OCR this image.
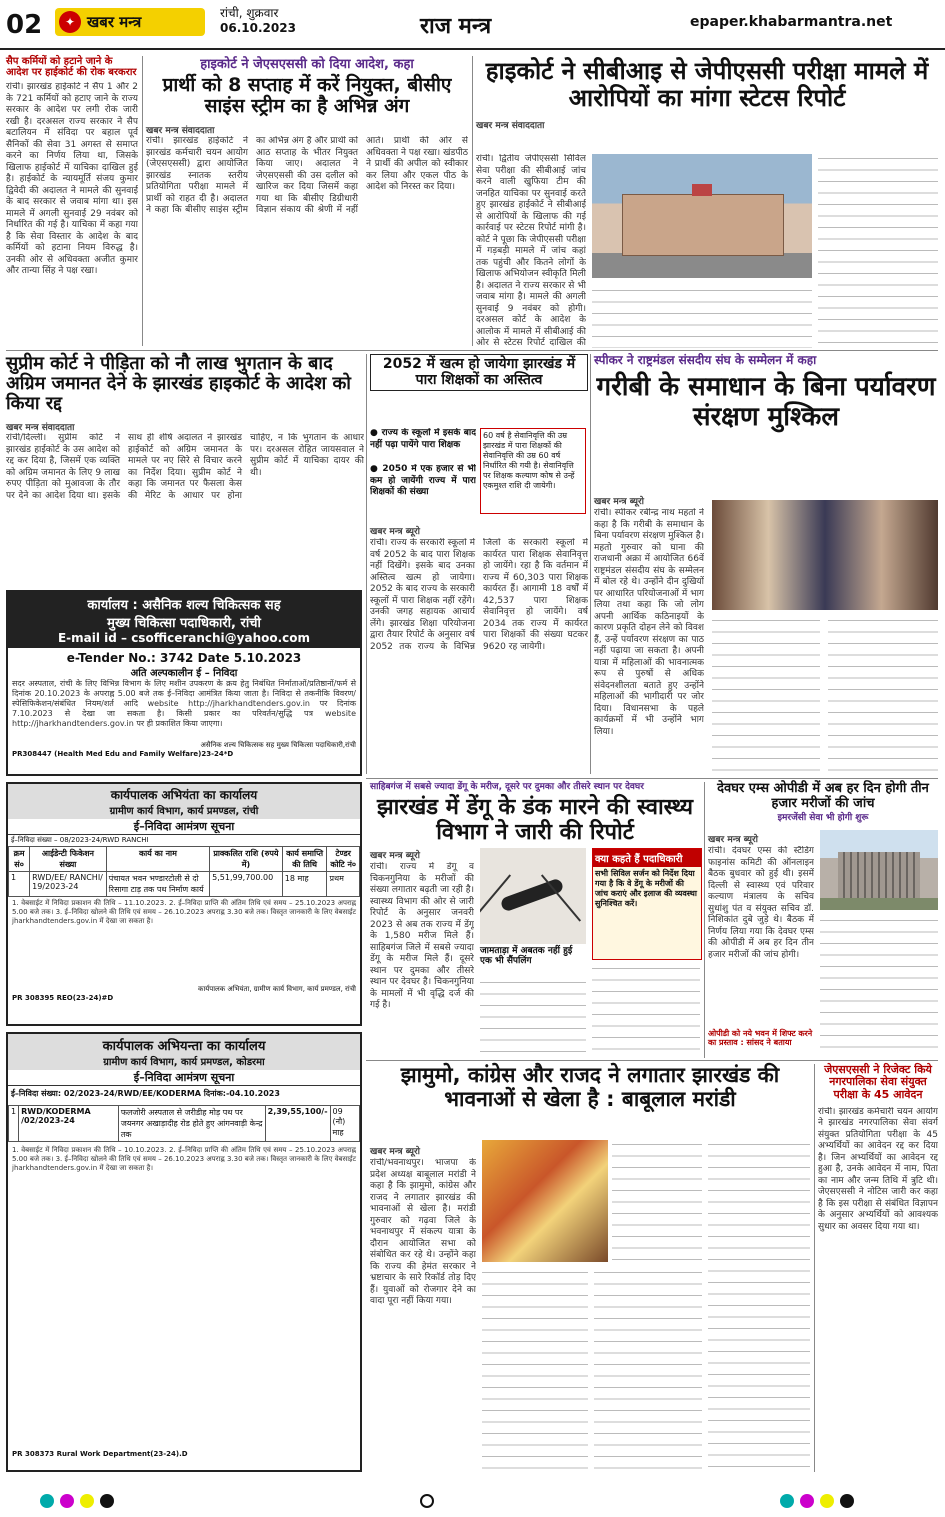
02	✦ खबर मन्त्र	रांची, शुक्रवार
06.10.2023	राज मन्त्र	epaper.khabarmantra.net
सैप कर्मियों को हटाने जाने के आदेश पर हाईकोर्ट की रोक बरकरार
रांची। झारखंड हाईकोर्ट ने सैप 1 और 2 के 721 कर्मियों को हटाए जाने के राज्य सरकार के आदेश पर लगी रोक जारी रखी है। दरअसल राज्य सरकार ने सैप बटालियन में संविदा पर बहाल पूर्व सैनिकों की सेवा 31 अगस्त से समाप्त करने का निर्णय लिया था, जिसके खिलाफ हाईकोर्ट में याचिका दाखिल हुई है। हाईकोर्ट के न्यायमूर्ति संजय कुमार द्विवेदी की अदालत ने मामले की सुनवाई के बाद सरकार से जवाब मांगा था। इस मामले में अगली सुनवाई 29 नवंबर को निर्धारित की गई है। याचिका में कहा गया है कि सेवा विस्तार के आदेश के बाद कर्मियों को हटाना नियम विरुद्ध है। उनकी ओर से अधिवक्ता अजीत कुमार और तान्या सिंह ने पक्ष रखा।
हाइकोर्ट ने जेएसएससी को दिया आदेश, कहा
प्रार्थी को 8 सप्ताह में करें नियुक्त, बीसीए साइंस स्ट्रीम का है अभिन्न अंग
खबर मन्त्र संवाददाता
रांची। झारखंड हाईकोर्ट ने झारखंड कर्मचारी चयन आयोग (जेएसएससी) द्वारा आयोजित झारखंड स्नातक स्तरीय प्रतियोगिता परीक्षा मामले में प्रार्थी को राहत दी है। अदालत ने कहा कि बीसीए साइंस स्ट्रीम का अभिन्न अंग है और प्रार्थी को आठ सप्ताह के भीतर नियुक्त किया जाए। अदालत ने जेएसएससी की उस दलील को खारिज कर दिया जिसमें कहा गया था कि बीसीए डिग्रीधारी विज्ञान संकाय की श्रेणी में नहीं आते। प्रार्थी की ओर से अधिवक्ता ने पक्ष रखा। खंडपीठ ने प्रार्थी की अपील को स्वीकार कर लिया और एकल पीठ के आदेश को निरस्त कर दिया।
हाइकोर्ट ने सीबीआइ से जेपीएससी परीक्षा मामले में आरोपियों का मांगा स्टेटस रिपोर्ट
खबर मन्त्र संवाददाता
रांची। द्वितीय जेपीएससी सिविल सेवा परीक्षा की सीबीआई जांच करने वाली खुफिया टीम की जनहित याचिका पर सुनवाई करते हुए झारखंड हाईकोर्ट ने सीबीआई से आरोपियों के खिलाफ की गई कार्रवाई पर स्टेटस रिपोर्ट मांगी है। कोर्ट ने पूछा कि जेपीएससी परीक्षा में गड़बड़ी मामले में जांच कहां तक पहुंची और कितने लोगों के खिलाफ अभियोजन स्वीकृति मिली है। अदालत ने राज्य सरकार से भी जवाब मांगा है। मामले की अगली सुनवाई 9 नवंबर को होगी। दरअसल कोर्ट के आदेश के आलोक में मामले में सीबीआई की ओर से स्टेटस रिपोर्ट दाखिल की
सुप्रीम कोर्ट ने पीड़िता को नौ लाख भुगतान के बाद अग्रिम जमानत देने के झारखंड हाइकोर्ट के आदेश को किया रद्द
खबर मन्त्र संवाददाता
रांची/दिल्ली। सुप्रीम कोर्ट ने झारखंड हाईकोर्ट के उस आदेश को रद्द कर दिया है, जिसमें एक व्यक्ति को अग्रिम जमानत के लिए 9 लाख रुपए पीड़िता को मुआवजा के तौर पर देने का आदेश दिया था। इसके साथ ही शीर्ष अदालत ने झारखंड हाईकोर्ट को अग्रिम जमानत के मामले पर नए सिरे से विचार करने का निर्देश दिया। सुप्रीम कोर्ट ने कहा कि जमानत पर फैसला केस की मेरिट के आधार पर होना चाहिए, न कि भुगतान के आधार पर। दरअसल रोहित जायसवाल ने सुप्रीम कोर्ट में याचिका दायर की थी।
2052 में खत्म हो जायेगा झारखंड में पारा शिक्षकों का अस्तित्व
● राज्य के स्कूलों में इसके बाद नहीं पढ़ा पायेंगे पारा शिक्षक
● 2050 में एक हजार से भी कम हो जायेंगी राज्य में पारा शिक्षकों की संख्या
60 वर्ष है सेवानिवृत्ति की उम्र झारखंड में पारा शिक्षकों की सेवानिवृत्ति की उम्र 60 वर्ष निर्धारित की गयी है। सेवानिवृत्ति पर शिक्षक कल्याण कोष से उन्हें एकमुश्त राशि दी जायेगी।
खबर मन्त्र ब्यूरो
रांची। राज्य के सरकारी स्कूलों में वर्ष 2052 के बाद पारा शिक्षक नहीं दिखेंगे। इसके बाद उनका अस्तित्व खत्म हो जायेगा। 2052 के बाद राज्य के सरकारी स्कूलों में पारा शिक्षक नहीं रहेंगे। उनकी जगह सहायक आचार्य लेंगे। झारखंड शिक्षा परियोजना द्वारा तैयार रिपोर्ट के अनुसार वर्ष 2052 तक राज्य के विभिन्न जिलों के सरकारी स्कूलों में कार्यरत पारा शिक्षक सेवानिवृत्त हो जायेंगे। रहा है कि वर्तमान में राज्य में 60,303 पारा शिक्षक कार्यरत हैं। आगामी 18 वर्षों में 42,537 पारा शिक्षक सेवानिवृत्त हो जायेंगे। वर्ष 2034 तक राज्य में कार्यरत पारा शिक्षकों की संख्या घटकर 9620 रह जायेगी।
स्पीकर ने राष्ट्रमंडल संसदीय संघ के सम्मेलन में कहा
गरीबी के समाधान के बिना पर्यावरण संरक्षण मुश्किल
खबर मन्त्र ब्यूरो
रांची। स्पीकर रबीन्द्र नाथ महतो ने कहा है कि गरीबी के समाधान के बिना पर्यावरण संरक्षण मुश्किल है। महतो गुरुवार को घाना की राजधानी अक्रा में आयोजित 66वें राष्ट्रमंडल संसदीय संघ के सम्मेलन में बोल रहे थे। उन्होंने दीन दुखियों पर आधारित परियोजनाओं में भाग लिया तथा कहा कि जो लोग अपनी आर्थिक कठिनाइयों के कारण प्रकृति दोहन लेने को विवश हैं, उन्हें पर्यावरण संरक्षण का पाठ नहीं पढ़ाया जा सकता है। अपनी यात्रा में महिलाओं की भावनात्मक रूप से पुरुषों से अधिक संवेदनशीलता बताते हुए उन्होंने महिलाओं की भागीदारी पर जोर दिया। विधानसभा के पहले कार्यक्रमों में भी उन्होंने भाग लिया।
कार्यालय : असैनिक शल्य चिकित्सक सह
मुख्य चिकित्सा पदाधिकारी, रांची
E-mail id – csofficeranchi@yahoo.com
e-Tender No.: 3742 Date 5.10.2023
अति अल्पकालीन ई – निविदा
सदर अस्पताल, रांची के लिए विभिन्न विभाग के लिए मशीन उपकरण के क्रय हेतु निबंधित निर्माताओं/प्रतिष्ठानों/फर्म से दिनांक 20.10.2023 के अपराह्न 5.00 बजे तक ई–निविदा आमंत्रित किया जाता है। निविदा से तकनीकि विवरण/स्पेसिफिकेशन/संबंधित नियम/शर्त आदि website http://jharkhandtenders.gov.in पर दिनांक 7.10.2023 से देखा जा सकता है। किसी प्रकार का परिवर्तन/सुद्धि पत्र website http://jharkhandtenders.gov.in पर ही प्रकाशित किया जाएगा।
असैनिक शल्य चिकित्सक सह मुख्य चिकित्सा पदाधिकारी,रांची
PR308447 (Health Med Edu and Family Welfare)23-24*D
कार्यपालक अभियंता का कार्यालय
ग्रामीण कार्य विभाग, कार्य प्रमण्डल, रांची
ई–निविदा आमंत्रण सूचना
ई–निविदा संख्या – 08/2023-24/RWD RANCHI
क्रम सं०	आईडेन्टी फिकेशन संख्या	कार्य का नाम	प्राक्कलित राशि (रुपये में)	कार्य समाप्ति की तिथि	टेण्डर कोटि नं०
1	RWD/EE/ RANCHI/ 19/2023-24	पंचायत भवन भण्डारटोली से दो रिसागा टाड़ तक पथ निर्माण कार्य	5,51,99,700.00	18 माह	प्रथम
1. वेबसाईट में निविदा प्रकाशन की तिथि – 11.10.2023. 2. ई–निविदा प्राप्ति की अंतिम तिथि एवं समय – 25.10.2023 अपराह्न 5.00 बजे तक। 3. ई–निविदा खोलने की तिथि एवं समय – 26.10.2023 अपराह्न 3.30 बजे तक। विस्तृत जानकारी के लिए वेबसाईट jharkhandtenders.gov.in में देखा जा सकता है।
कार्यपालक अभियंता, ग्रामीण कार्य विभाग, कार्य प्रमण्डल, रांची
PR 308395 REO(23-24)#D
कार्यपालक अभियन्ता का कार्यालय
ग्रामीण कार्य विभाग, कार्य प्रमण्डल, कोडरमा
ई–निविदा आमंत्रण सूचना
ई–निविदा संख्या: 02/2023-24/RWD/EE/KODERMA दिनांक:-04.10.2023
1	RWD/KODERMA /02/2023-24	फलजोरी अस्पताल से जरीडीह मोड़ पथ पर जयनगर अखाड़ादीह रोड होते हुए आंगनवाड़ी केन्द्र तक	2,39,55,100/-	09 (नौ) माह
1. वेबसाईट में निविदा प्रकाशन की तिथि – 10.10.2023. 2. ई–निविदा प्राप्ति की अंतिम तिथि एवं समय – 25.10.2023 अपराह्न 5.00 बजे तक। 3. ई–निविदा खोलने की तिथि एवं समय – 26.10.2023 अपराह्न 3.30 बजे तक। विस्तृत जानकारी के लिए वेबसाईट jharkhandtenders.gov.in में देखा जा सकता है।
PR 308373 Rural Work Department(23-24).D
साहिबगंज में सबसे ज्यादा डेंगू के मरीज, दूसरे पर दुमका और तीसरे स्थान पर देवघर
झारखंड में डेंगू के डंक मारने की स्वास्थ्य विभाग ने जारी की रिपोर्ट
खबर मन्त्र ब्यूरो
रांची। राज्य में डेंगू व चिकनगुनिया के मरीजों की संख्या लगातार बढ़ती जा रही है। स्वास्थ्य विभाग की ओर से जारी रिपोर्ट के अनुसार जनवरी 2023 से अब तक राज्य में डेंगू के 1,580 मरीज मिले हैं। साहिबगंज जिले में सबसे ज्यादा डेंगू के मरीज मिले हैं। दूसरे स्थान पर दुमका और तीसरे स्थान पर देवघर है। चिकनगुनिया के मामलों में भी वृद्धि दर्ज की गई है।
जामताड़ा में अबतक नहीं हुई एक भी सैंपलिंग
क्या कहते हैं पदाधिकारी
सभी सिविल सर्जन को निर्देश दिया गया है कि वे डेंगू के मरीजों की जांच कराएं और इलाज की व्यवस्था सुनिश्चित करें।
देवघर एम्स ओपीडी में अब हर दिन होगी तीन हजार मरीजों की जांच
इमरजेंसी सेवा भी होगी शुरू
खबर मन्त्र ब्यूरो
रांची। देवघर एम्स की स्टैंडिंग फाइनांस कमिटी की ऑनलाइन बैठक बुधवार को हुई थी। इसमें दिल्ली से स्वास्थ्य एवं परिवार कल्याण मंत्रालय के सचिव सुधांशु पंत व संयुक्त सचिव डॉ. निशिकांत दुबे जुड़े थे। बैठक में निर्णय लिया गया कि देवघर एम्स की ओपीडी में अब हर दिन तीन हजार मरीजों की जांच होगी।
ओपीडी को नये भवन में शिफ्ट करने का प्रस्ताव : सांसद ने बताया
झामुमो, कांग्रेस और राजद ने लगातार झारखंड की भावनाओं से खेला है : बाबूलाल मरांडी
खबर मन्त्र ब्यूरो
रांची/भवनाथपुर। भाजपा के प्रदेश अध्यक्ष बाबूलाल मरांडी ने कहा है कि झामुमो, कांग्रेस और राजद ने लगातार झारखंड की भावनाओं से खेला है। मरांडी गुरुवार को गढ़वा जिले के भवनाथपुर में संकल्प यात्रा के दौरान आयोजित सभा को संबोधित कर रहे थे। उन्होंने कहा कि राज्य की हेमंत सरकार ने भ्रष्टाचार के सारे रिकॉर्ड तोड़ दिए हैं। युवाओं को रोजगार देने का वादा पूरा नहीं किया गया।
जेएसएससी ने रिजेक्ट किये नगरपालिका सेवा संयुक्त परीक्षा के 45 आवेदन
रांची। झारखंड कर्मचारी चयन आयोग ने झारखंड नगरपालिका सेवा संवर्ग संयुक्त प्रतियोगिता परीक्षा के 45 अभ्यर्थियों का आवेदन रद्द कर दिया है। जिन अभ्यर्थियों का आवेदन रद्द हुआ है, उनके आवेदन में नाम, पिता का नाम और जन्म तिथि में त्रुटि थी। जेएसएससी ने नोटिस जारी कर कहा है कि इस परीक्षा से संबंधित विज्ञापन के अनुसार अभ्यर्थियों को आवश्यक सुधार का अवसर दिया गया था।
